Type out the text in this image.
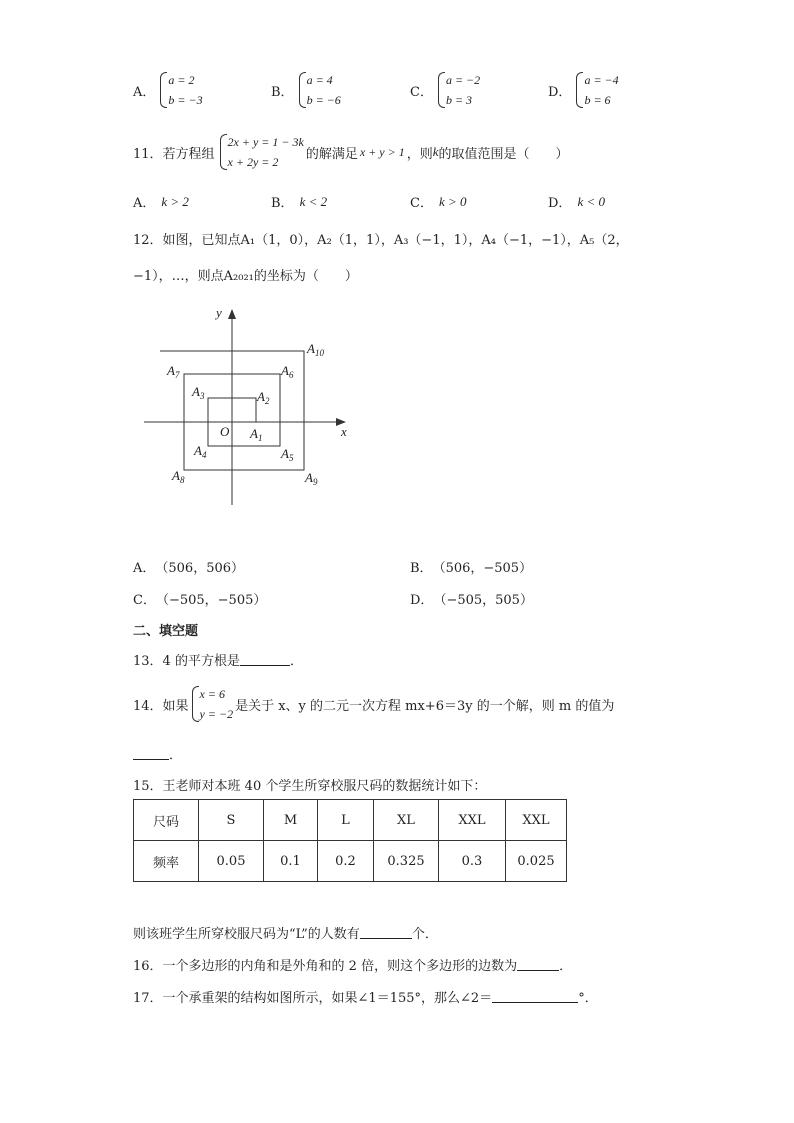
A．
a = 2
b = −3
B．
a = 4
b = −6
C．
a = −2
b = 3
D．
a = −4
b = 6
11．若方程组
2x + y = 1 − 3k
x + 2y = 2
的解满足 x + y > 1 ，则 k 的取值范围是（　　）
A． k > 2	B． k < 2	C． k > 0	D． k < 0
12．如图，已知点A₁（1，0），A₂（1，1），A₃（−1，1），A₄（−1，−1），A₅（2，
−1），…，则点A₂₀₂₁的坐标为（　　）
y
x
O $A_1$
$A_2$
$A_3$
$A_4$	$A_5$
$A_6$
$A_7$
$A_8$	$A_9$
$A_{10}$
A． （506，506）	B． （506，−505）
C． （−505，−505）	D． （−505，505）
二、填空题
13．4 的平方根是	．
14．如果
x = 6
y = −2
是关于 x、y 的二元一次方程 mx+6＝3y 的一个解，则 m 的值为
．
15．王老师对本班 40 个学生所穿校服尺码的数据统计如下：
尺码	S	M	L	XL	XXL	XXL
频率	0.05	0.1	0.2	0.325	0.3	0.025
则该班学生所穿校服尺码为“L”的人数有	个．
16．一个多边形的内角和是外角和的 2 倍，则这个多边形的边数为	．
17．一个承重架的结构如图所示，如果∠1＝155°，那么∠2＝	°．
